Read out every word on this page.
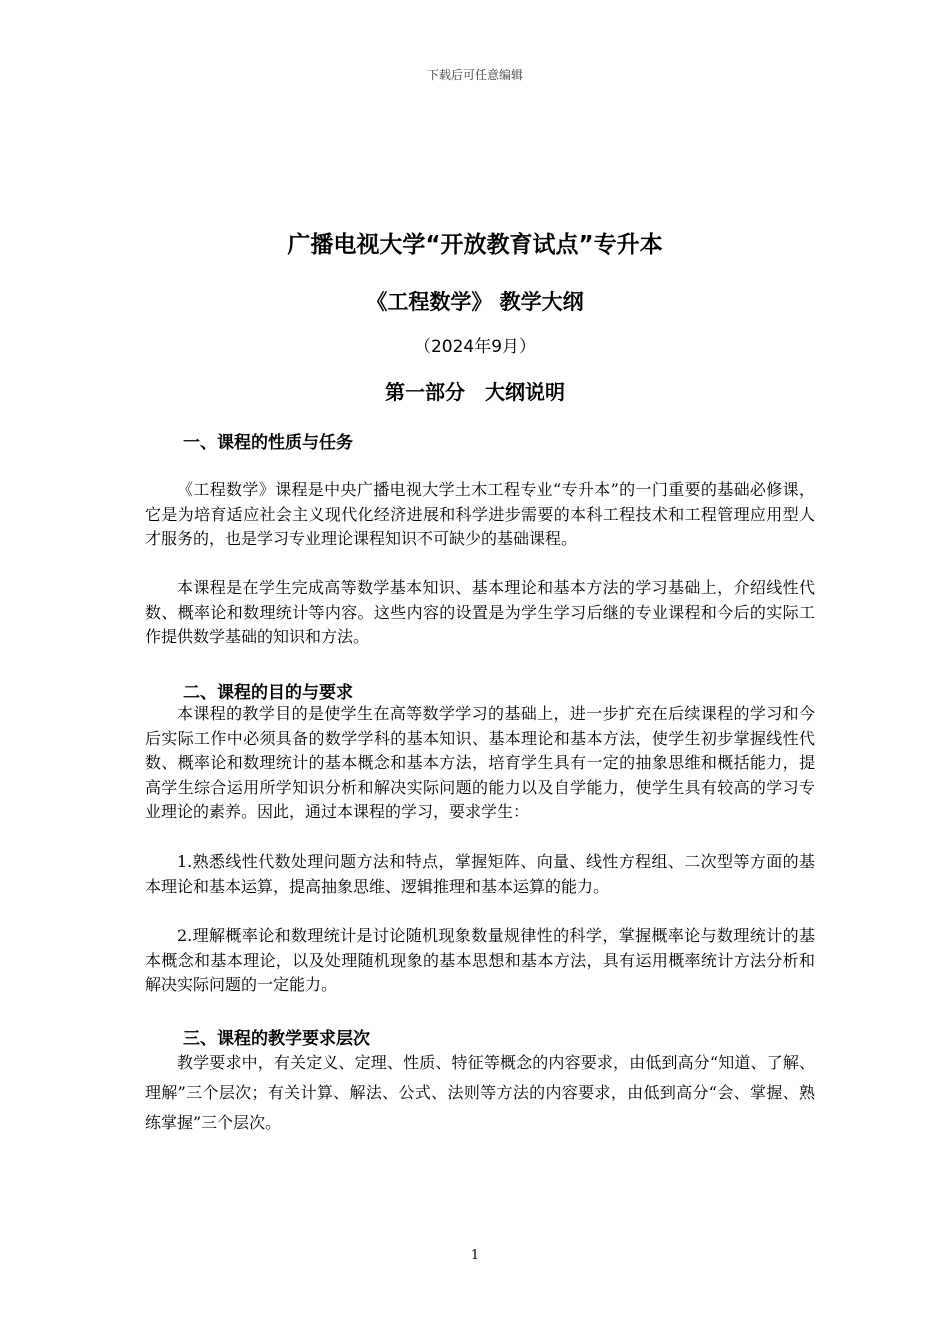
下载后可任意编辑
广播电视大学“开放教育试点”专升本
《工程数学》 教学大纲
（2024年9月）
第一部分　大纲说明
一、课程的性质与任务

《工程数学》课程是中央广播电视大学土木工程专业“专升本”的一门重要的基础必修课，它是为培育适应社会主义现代化经济进展和科学进步需要的本科工程技术和工程管理应用型人才服务的，也是学习专业理论课程知识不可缺少的基础课程。

本课程是在学生完成高等数学基本知识、基本理论和基本方法的学习基础上，介绍线性代数、概率论和数理统计等内容。这些内容的设置是为学生学习后继的专业课程和今后的实际工作提供数学基础的知识和方法。

二、课程的目的与要求

本课程的教学目的是使学生在高等数学学习的基础上，进一步扩充在后续课程的学习和今后实际工作中必须具备的数学学科的基本知识、基本理论和基本方法，使学生初步掌握线性代数、概率论和数理统计的基本概念和基本方法，培育学生具有一定的抽象思维和概括能力，提高学生综合运用所学知识分析和解决实际问题的能力以及自学能力，使学生具有较高的学习专业理论的素养。因此，通过本课程的学习，要求学生：

1.熟悉线性代数处理问题方法和特点，掌握矩阵、向量、线性方程组、二次型等方面的基本理论和基本运算，提高抽象思维、逻辑推理和基本运算的能力。

2.理解概率论和数理统计是讨论随机现象数量规律性的科学，掌握概率论与数理统计的基本概念和基本理论，以及处理随机现象的基本思想和基本方法，具有运用概率统计方法分析和解决实际问题的一定能力。

三、课程的教学要求层次

教学要求中，有关定义、定理、性质、特征等概念的内容要求，由低到高分“知道、了解、理解”三个层次；有关计算、解法、公式、法则等方法的内容要求，由低到高分“会、掌握、熟练掌握”三个层次。

1
